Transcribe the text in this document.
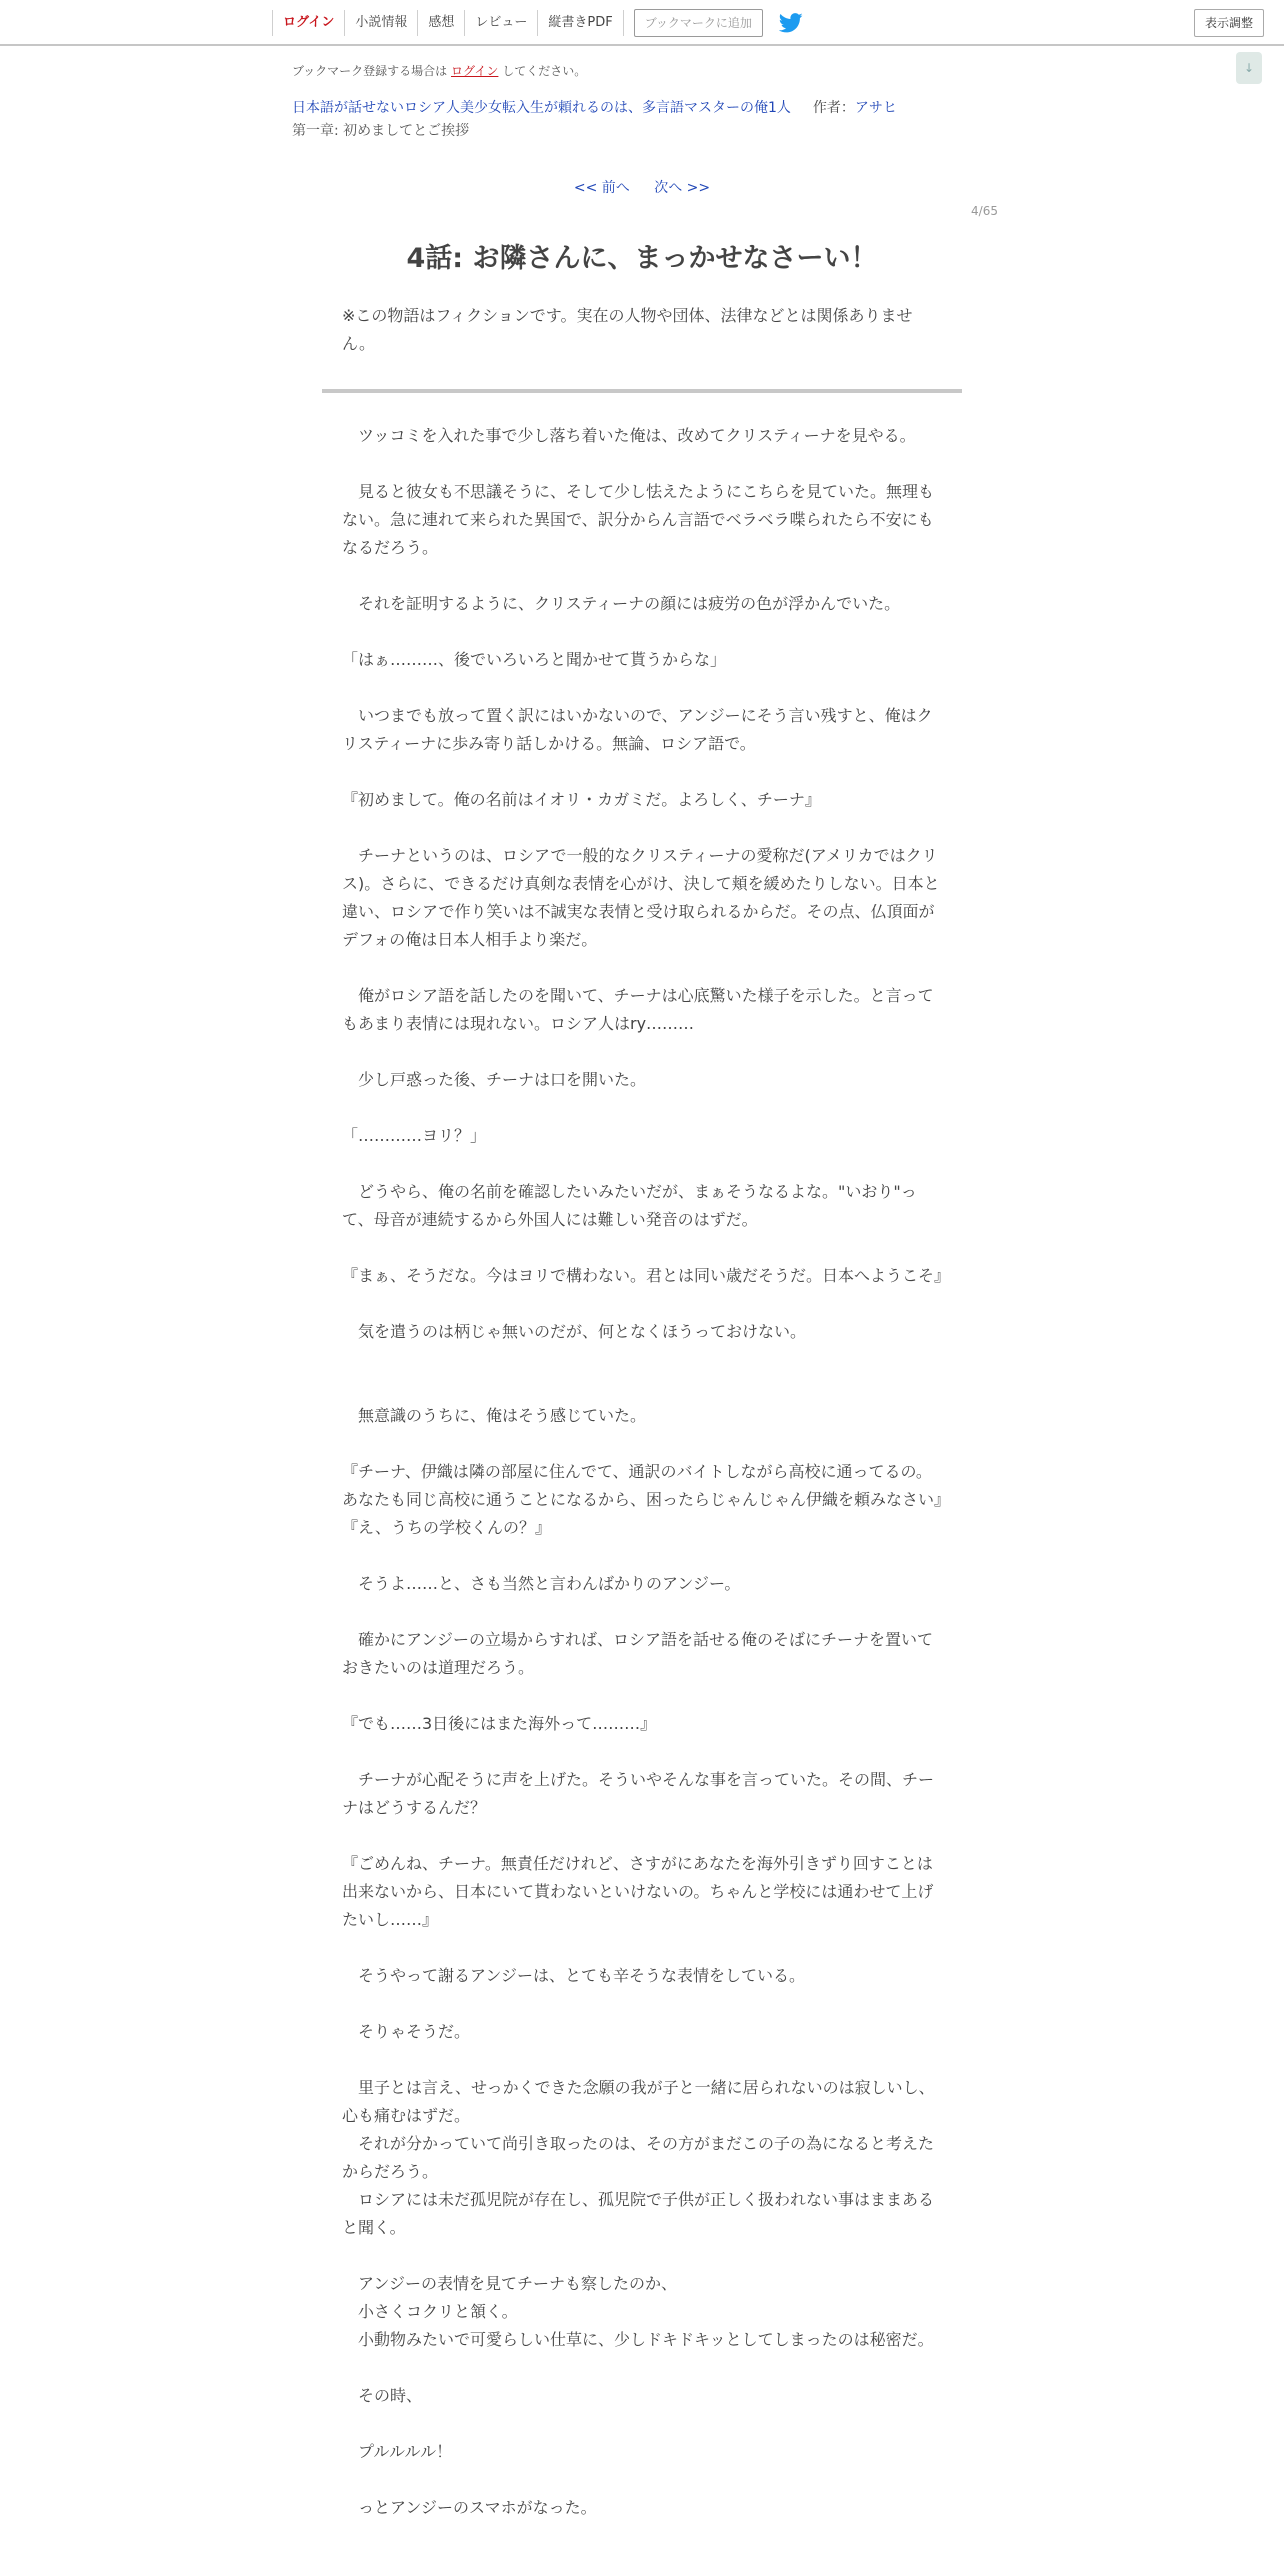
ログイン	小説情報	感想	レビュー	縦書きPDF	ブックマークに追加	表示調整
↓
ブックマーク登録する場合は ログイン してください。
日本語が話せないロシア人美少女転入生が頼れるのは、多言語マスターの俺1人 作者：アサヒ
第一章: 初めましてとご挨拶
<< 前へ 次へ >>
4/65
4話: お隣さんに、まっかせなさーい！
※この物語はフィクションです。実在の人物や団体、法律などとは関係ありません。

　ツッコミを入れた事で少し落ち着いた俺は、改めてクリスティーナを見やる。

　見ると彼女も不思議そうに、そして少し怯えたようにこちらを見ていた。無理もない。急に連れて来られた異国で、訳分からん言語でベラベラ喋られたら不安にもなるだろう。

　それを証明するように、クリスティーナの顔には疲労の色が浮かんでいた。

「はぁ………、後でいろいろと聞かせて貰うからな」

　いつまでも放って置く訳にはいかないので、アンジーにそう言い残すと、俺はクリスティーナに歩み寄り話しかける。無論、ロシア語で。

『初めまして。俺の名前はイオリ・カガミだ。よろしく、チーナ』

　チーナというのは、ロシアで一般的なクリスティーナの愛称だ(アメリカではクリス)。さらに、できるだけ真剣な表情を心がけ、決して頬を緩めたりしない。日本と違い、ロシアで作り笑いは不誠実な表情と受け取られるからだ。その点、仏頂面がデフォの俺は日本人相手より楽だ。

　俺がロシア語を話したのを聞いて、チーナは心底驚いた様子を示した。と言ってもあまり表情には現れない。ロシア人はry………

　少し戸惑った後、チーナは口を開いた。

「…………ヨリ？」

　どうやら、俺の名前を確認したいみたいだが、まぁそうなるよな。"いおり"って、母音が連続するから外国人には難しい発音のはずだ。

『まぁ、そうだな。今はヨリで構わない。君とは同い歳だそうだ。日本へようこそ』

　気を遣うのは柄じゃ無いのだが、何となくほうっておけない。

　無意識のうちに、俺はそう感じていた。

『チーナ、伊織は隣の部屋に住んでて、通訳のバイトしながら高校に通ってるの。あなたも同じ高校に通うことになるから、困ったらじゃんじゃん伊織を頼みなさい』

『え、うちの学校くんの？』

　そうよ……と、さも当然と言わんばかりのアンジー。

　確かにアンジーの立場からすれば、ロシア語を話せる俺のそばにチーナを置いておきたいのは道理だろう。

『でも……3日後にはまた海外って………』

　チーナが心配そうに声を上げた。そういやそんな事を言っていた。その間、チーナはどうするんだ？

『ごめんね、チーナ。無責任だけれど、さすがにあなたを海外引きずり回すことは出来ないから、日本にいて貰わないといけないの。ちゃんと学校には通わせて上げたいし……』

　そうやって謝るアンジーは、とても辛そうな表情をしている。

　そりゃそうだ。

　里子とは言え、せっかくできた念願の我が子と一緒に居られないのは寂しいし、心も痛むはずだ。

　それが分かっていて尚引き取ったのは、その方がまだこの子の為になると考えたからだろう。

　ロシアには未だ孤児院が存在し、孤児院で子供が正しく扱われない事はままあると聞く。

　アンジーの表情を見てチーナも察したのか、

　小さくコクリと頷く。

　小動物みたいで可愛らしい仕草に、少しドキドキッとしてしまったのは秘密だ。

　その時、

　プルルルル！

　っとアンジーのスマホがなった。
